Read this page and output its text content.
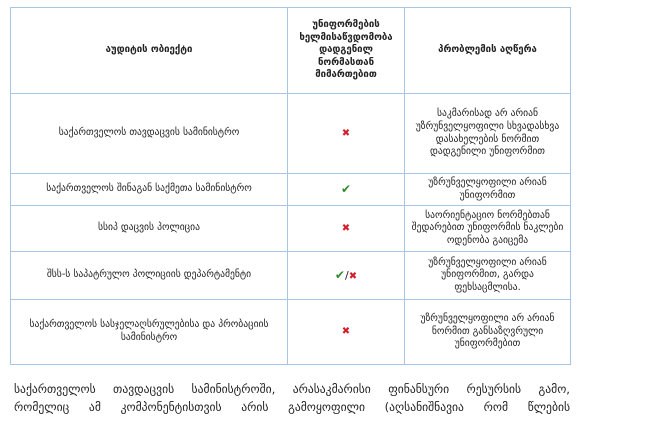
აუდიტის ობიექტი	უნიფორმების ხელმისაწვდომობა დადგენილ ნორმასთან მიმართებით	პრობლემის აღწერა
საქართველოს თავდაცვის სამინისტრო	✖	საკმარისად არ არიან უზრუნველყოფილი სხვადასხვა დასახელების ნორმით დადგენილი უნიფორმით
საქართველოს შინაგან საქმეთა სამინისტრო	✔	უზრუნველყოფილი არიან უნიფორმით
სსიპ დაცვის პოლიცია	✖	საორიენტაციო ნორმებთან შედარებით უნიფორმის ნაკლები ოდენობა გაიცემა
შსს-ს საპატრულო პოლიციის დეპარტამენტი	✔/✖	უზრუნველყოფილი არიან უნიფორმით, გარდა ფეხსაცმლისა.
საქართველოს სასჯელაღსრულებისა და პრობაციის სამინისტრო	✖	უზრუნველყოფილი არ არიან ნორმით განსაზღვრული უნიფორმებით

საქართველოს თავდაცვის სამინისტროში, არასაკმარისი ფინანსური რესურსის გამო,
რომელიც ამ კომპონენტისთვის არის გამოყოფილი (აღსანიშნავია რომ წლების
